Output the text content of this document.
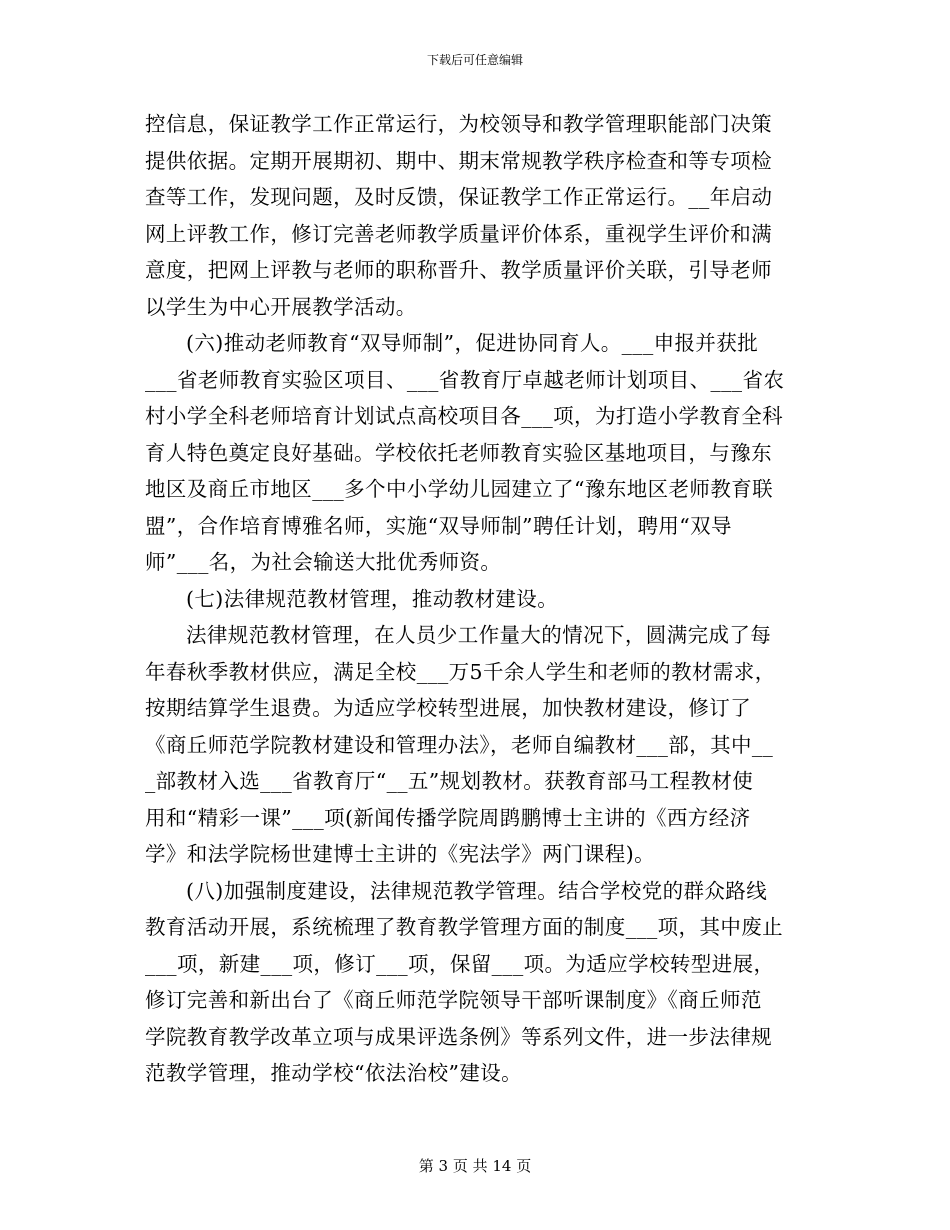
下载后可任意编辑
控信息，保证教学工作正常运行，为校领导和教学管理职能部门决策
提供依据。定期开展期初、期中、期末常规教学秩序检查和等专项检
查等工作，发现问题，及时反馈，保证教学工作正常运行。__年启动
网上评教工作，修订完善老师教学质量评价体系，重视学生评价和满
意度，把网上评教与老师的职称晋升、教学质量评价关联，引导老师
以学生为中心开展教学活动。
(六)推动老师教育“双导师制”，促进协同育人。___申报并获批
___省老师教育实验区项目、___省教育厅卓越老师计划项目、___省农
村小学全科老师培育计划试点高校项目各___项，为打造小学教育全科
育人特色奠定良好基础。学校依托老师教育实验区基地项目，与豫东
地区及商丘市地区___多个中小学幼儿园建立了“豫东地区老师教育联
盟”，合作培育博雅名师，实施“双导师制”聘任计划，聘用“双导
师”___名，为社会输送大批优秀师资。
(七)法律规范教材管理，推动教材建设。
法律规范教材管理，在人员少工作量大的情况下，圆满完成了每
年春秋季教材供应，满足全校___万5千余人学生和老师的教材需求，
按期结算学生退费。为适应学校转型进展，加快教材建设，修订了
《商丘师范学院教材建设和管理办法》，老师自编教材___部，其中__
_部教材入选___省教育厅“__五”规划教材。获教育部马工程教材使
用和“精彩一课”___项(新闻传播学院周鹍鹏博士主讲的《西方经济
学》和法学院杨世建博士主讲的《宪法学》两门课程)。
(八)加强制度建设，法律规范教学管理。结合学校党的群众路线
教育活动开展，系统梳理了教育教学管理方面的制度___项，其中废止
___项，新建___项，修订___项，保留___项。为适应学校转型进展，
修订完善和新出台了《商丘师范学院领导干部听课制度》《商丘师范
学院教育教学改革立项与成果评选条例》等系列文件，进一步法律规
范教学管理，推动学校“依法治校”建设。
第 3 页 共 14 页
